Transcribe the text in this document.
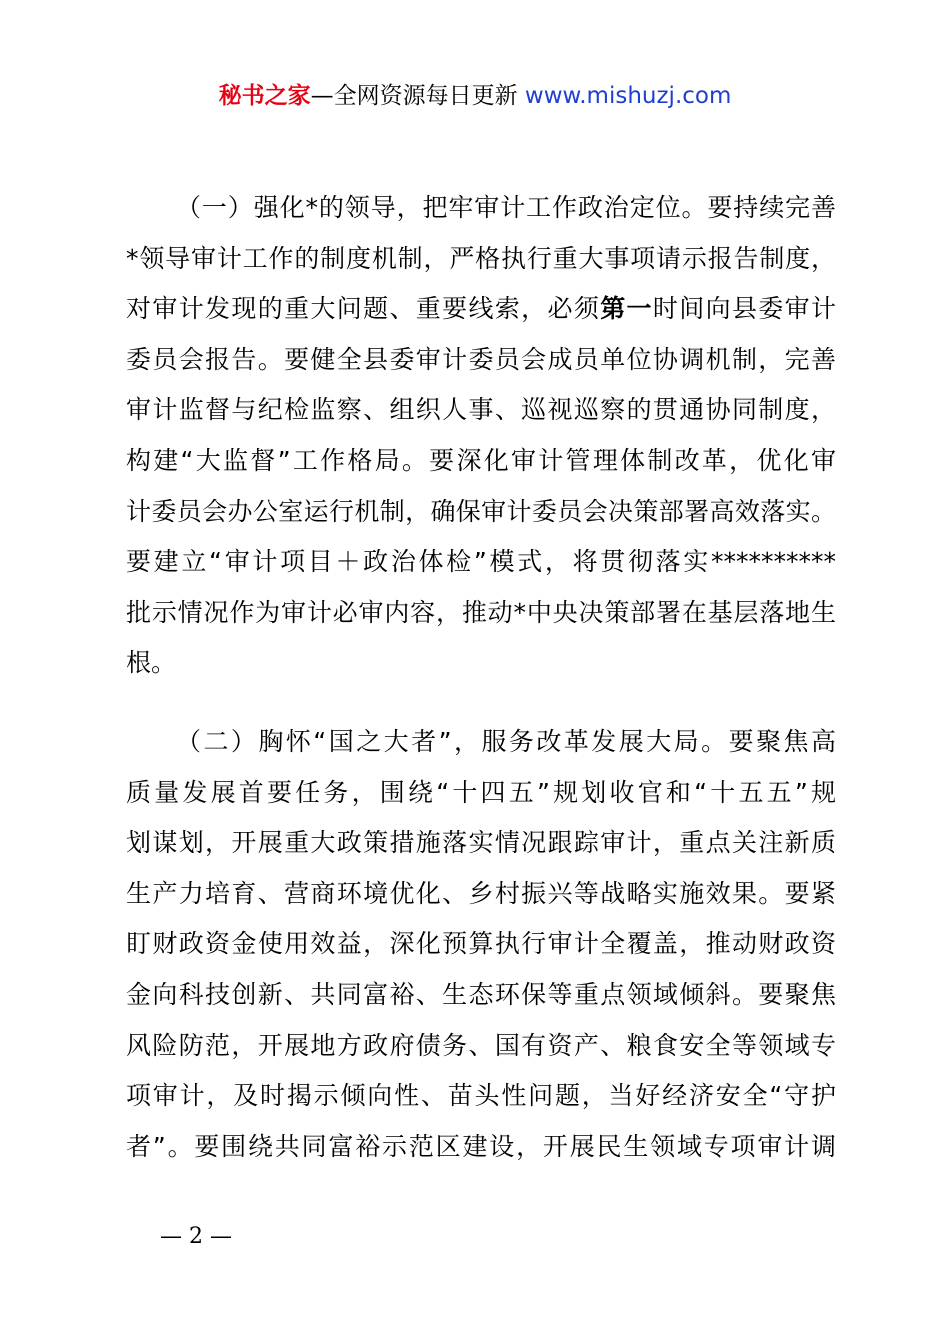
秘书之家—全网资源每日更新 www.mishuzj.com
（一）强化*的领导，把牢审计工作政治定位。要持续完善
*领导审计工作的制度机制，严格执行重大事项请示报告制度，
对审计发现的重大问题、重要线索，必须第一时间向县委审计
委员会报告。要健全县委审计委员会成员单位协调机制，完善
审计监督与纪检监察、组织人事、巡视巡察的贯通协同制度，
构建“大监督”工作格局。要深化审计管理体制改革，优化审
计委员会办公室运行机制，确保审计委员会决策部署高效落实。
要建立“审计项目＋政治体检”模式，将贯彻落实**********
批示情况作为审计必审内容，推动*中央决策部署在基层落地生
根。
（二）胸怀“国之大者”，服务改革发展大局。要聚焦高
质量发展首要任务，围绕“十四五”规划收官和“十五五”规
划谋划，开展重大政策措施落实情况跟踪审计，重点关注新质
生产力培育、营商环境优化、乡村振兴等战略实施效果。要紧
盯财政资金使用效益，深化预算执行审计全覆盖，推动财政资
金向科技创新、共同富裕、生态环保等重点领域倾斜。要聚焦
风险防范，开展地方政府债务、国有资产、粮食安全等领域专
项审计，及时揭示倾向性、苗头性问题，当好经济安全“守护
者”。要围绕共同富裕示范区建设，开展民生领域专项审计调
— 2 —
